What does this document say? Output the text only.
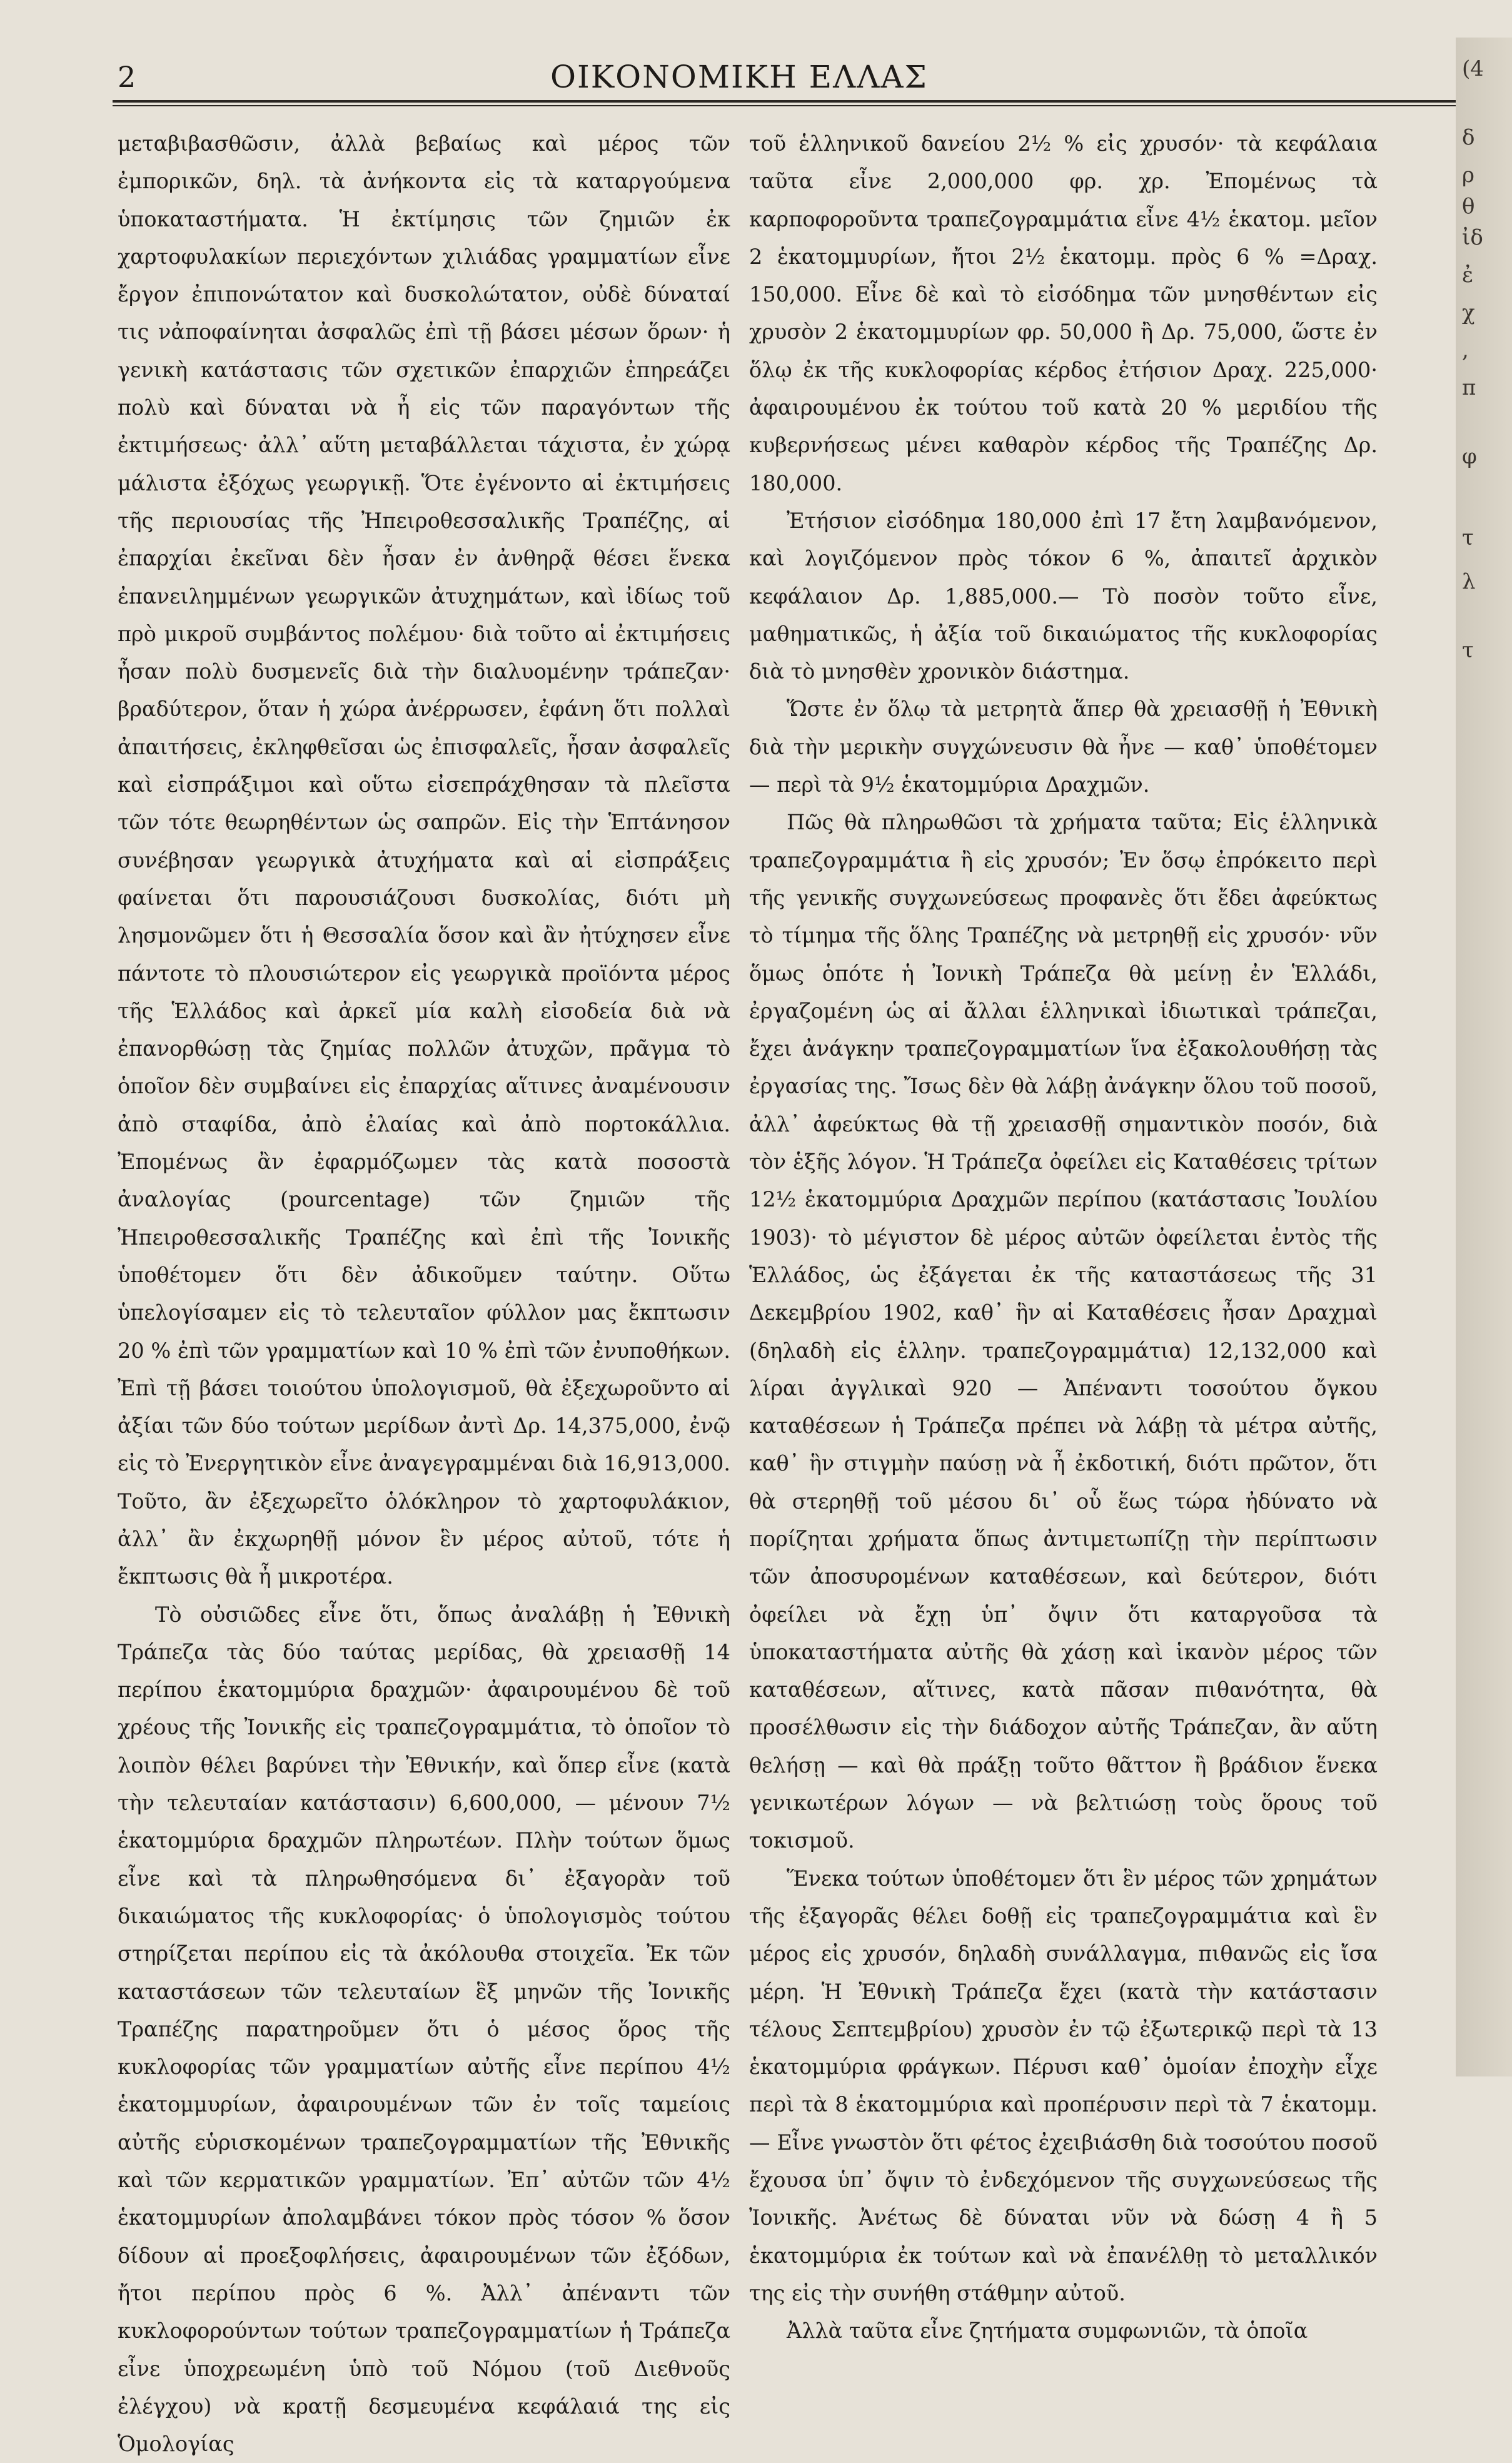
2	ΟΙΚΟΝΟΜΙΚΗ ΕΛΛΑΣ

μεταβιβασθῶσιν, ἀλλὰ βεβαίως καὶ μέρος τῶν ἐμπορικῶν, δηλ. τὰ ἀνήκοντα εἰς τὰ καταργούμενα ὑποκαταστήματα. Ἡ ἐκτίμησις τῶν ζημιῶν ἐκ χαρτοφυλακίων περιεχόντων χιλιάδας γραμματίων εἶνε ἔργον ἐπιπονώτατον καὶ δυσκολώτατον, οὐδὲ δύναταί τις νἀποφαίνηται ἀσφαλῶς ἐπὶ τῇ βάσει μέσων ὅρων· ἡ γενικὴ κατάστασις τῶν σχετικῶν ἐπαρχιῶν ἐπηρεάζει πολὺ καὶ δύναται νὰ ἦ εἰς τῶν παραγόντων τῆς ἐκτιμήσεως· ἀλλ᾽ αὕτη μεταβάλλεται τάχιστα, ἐν χώρᾳ μάλιστα ἐξόχως γεωργικῇ. Ὅτε ἐγένοντο αἱ ἐκτιμήσεις τῆς περιουσίας τῆς Ἠπειροθεσσαλικῆς Τραπέζης, αἱ ἐπαρχίαι ἐκεῖναι δὲν ἦσαν ἐν ἀνθηρᾷ θέσει ἕνεκα ἐπανειλημμένων γεωργικῶν ἀτυχημάτων, καὶ ἰδίως τοῦ πρὸ μικροῦ συμβάντος πολέμου· διὰ τοῦτο αἱ ἐκτιμήσεις ἦσαν πολὺ δυσμενεῖς διὰ τὴν διαλυομένην τράπεζαν· βραδύτερον, ὅταν ἡ χώρα ἀνέρρωσεν, ἐφάνη ὅτι πολλαὶ ἀπαιτήσεις, ἐκληφθεῖσαι ὡς ἐπισφαλεῖς, ἦσαν ἀσφαλεῖς καὶ εἰσπράξιμοι καὶ οὕτω εἰσεπράχθησαν τὰ πλεῖστα τῶν τότε θεωρηθέντων ὡς σαπρῶν. Εἰς τὴν Ἑπτάνησον συνέβησαν γεωργικὰ ἀτυχήματα καὶ αἱ εἰσπράξεις φαίνεται ὅτι παρουσιάζουσι δυσκολίας, διότι μὴ λησμονῶμεν ὅτι ἡ Θεσσαλία ὅσον καὶ ἂν ἠτύχησεν εἶνε πάντοτε τὸ πλουσιώτερον εἰς γεωργικὰ προϊόντα μέρος τῆς Ἑλλάδος καὶ ἀρκεῖ μία καλὴ εἰσοδεία διὰ νὰ ἐπανορθώσῃ τὰς ζημίας πολλῶν ἀτυχῶν, πρᾶγμα τὸ ὁποῖον δὲν συμβαίνει εἰς ἐπαρχίας αἵτινες ἀναμένουσιν ἀπὸ σταφίδα, ἀπὸ ἐλαίας καὶ ἀπὸ πορτοκάλλια. Ἐπομένως ἂν ἐφαρμόζωμεν τὰς κατὰ ποσοστὰ ἀναλογίας (pourcentage) τῶν ζημιῶν τῆς Ἠπειροθεσσαλικῆς Τραπέζης καὶ ἐπὶ τῆς Ἰονικῆς ὑποθέτομεν ὅτι δὲν ἀδικοῦμεν ταύτην. Οὕτω ὑπελογίσαμεν εἰς τὸ τελευταῖον φύλλον μας ἔκπτωσιν 20 % ἐπὶ τῶν γραμματίων καὶ 10 % ἐπὶ τῶν ἐνυποθήκων. Ἐπὶ τῇ βάσει τοιούτου ὑπολογισμοῦ, θὰ ἐξεχωροῦντο αἱ ἀξίαι τῶν δύο τούτων μερίδων ἀντὶ Δρ. 14,375,000, ἐνῷ εἰς τὸ Ἐνεργητικὸν εἶνε ἀναγεγραμμέναι διὰ 16,913,000. Τοῦτο, ἂν ἐξεχωρεῖτο ὁλόκληρον τὸ χαρτοφυλάκιον, ἀλλ᾽ ἂν ἐκχωρηθῇ μόνον ἓν μέρος αὐτοῦ, τότε ἡ ἔκπτωσις θὰ ἦ μικροτέρα.

Τὸ οὐσιῶδες εἶνε ὅτι, ὅπως ἀναλάβῃ ἡ Ἐθνικὴ Τράπεζα τὰς δύο ταύτας μερίδας, θὰ χρειασθῇ 14 περίπου ἑκατομμύρια δραχμῶν· ἀφαιρουμένου δὲ τοῦ χρέους τῆς Ἰονικῆς εἰς τραπεζογραμμάτια, τὸ ὁποῖον τὸ λοιπὸν θέλει βαρύνει τὴν Ἐθνικήν, καὶ ὅπερ εἶνε (κατὰ τὴν τελευταίαν κατάστασιν) 6,600,000, — μένουν 7½ ἑκατομμύρια δραχμῶν πληρωτέων. Πλὴν τούτων ὅμως εἶνε καὶ τὰ πληρωθησόμενα δι᾽ ἐξαγορὰν τοῦ δικαιώματος τῆς κυκλοφορίας· ὁ ὑπολογισμὸς τούτου στηρίζεται περίπου εἰς τὰ ἀκόλουθα στοιχεῖα. Ἐκ τῶν καταστάσεων τῶν τελευταίων ἓξ μηνῶν τῆς Ἰονικῆς Τραπέζης παρατηροῦμεν ὅτι ὁ μέσος ὅρος τῆς κυκλοφορίας τῶν γραμματίων αὐτῆς εἶνε περίπου 4½ ἑκατομμυρίων, ἀφαιρουμένων τῶν ἐν τοῖς ταμείοις αὐτῆς εὑρισκομένων τραπεζογραμματίων τῆς Ἐθνικῆς καὶ τῶν κερματικῶν γραμματίων. Ἐπ᾽ αὐτῶν τῶν 4½ ἑκατομμυρίων ἀπολαμβάνει τόκον πρὸς τόσον % ὅσον δίδουν αἱ προεξοφλήσεις, ἀφαιρουμένων τῶν ἐξόδων, ἤτοι περίπου πρὸς 6 %. Ἀλλ᾽ ἀπέναντι τῶν κυκλοφορούντων τούτων τραπεζογραμματίων ἡ Τράπεζα εἶνε ὑποχρεωμένη ὑπὸ τοῦ Νόμου (τοῦ Διεθνοῦς ἐλέγχου) νὰ κρατῇ δεσμευμένα κεφάλαιά της εἰς Ὁμολογίας

τοῦ ἑλληνικοῦ δανείου 2½ % εἰς χρυσόν· τὰ κεφάλαια ταῦτα εἶνε 2,000,000 φρ. χρ. Ἐπομένως τὰ καρποφοροῦντα τραπεζογραμμάτια εἶνε 4½ ἑκατομ. μεῖον 2 ἑκατομμυρίων, ἤτοι 2½ ἑκατομμ. πρὸς 6 % =Δραχ. 150,000. Εἶνε δὲ καὶ τὸ εἰσόδημα τῶν μνησθέντων εἰς χρυσὸν 2 ἑκατομμυρίων φρ. 50,000 ἢ Δρ. 75,000, ὥστε ἐν ὅλῳ ἐκ τῆς κυκλοφορίας κέρδος ἐτήσιον Δραχ. 225,000· ἀφαιρουμένου ἐκ τούτου τοῦ κατὰ 20 % μεριδίου τῆς κυβερνήσεως μένει καθαρὸν κέρδος τῆς Τραπέζης Δρ. 180,000.

Ἐτήσιον εἰσόδημα 180,000 ἐπὶ 17 ἔτη λαμβανόμενον, καὶ λογιζόμενον πρὸς τόκον 6 %, ἀπαιτεῖ ἀρχικὸν κεφάλαιον Δρ. 1,885,000.— Τὸ ποσὸν τοῦτο εἶνε, μαθηματικῶς, ἡ ἀξία τοῦ δικαιώματος τῆς κυκλοφορίας διὰ τὸ μνησθὲν χρονικὸν διάστημα.

Ὥστε ἐν ὅλῳ τὰ μετρητὰ ἅπερ θὰ χρειασθῇ ἡ Ἐθνικὴ διὰ τὴν μερικὴν συγχώνευσιν θὰ ἦνε — καθ᾽ ὑποθέτομεν — περὶ τὰ 9½ ἑκατομμύρια Δραχμῶν.

Πῶς θὰ πληρωθῶσι τὰ χρήματα ταῦτα; Εἰς ἑλληνικὰ τραπεζογραμμάτια ἢ εἰς χρυσόν; Ἐν ὅσῳ ἐπρόκειτο περὶ τῆς γενικῆς συγχωνεύσεως προφανὲς ὅτι ἔδει ἀφεύκτως τὸ τίμημα τῆς ὅλης Τραπέζης νὰ μετρηθῇ εἰς χρυσόν· νῦν ὅμως ὁπότε ἡ Ἰονικὴ Τράπεζα θὰ μείνῃ ἐν Ἑλλάδι, ἐργαζομένη ὡς αἱ ἄλλαι ἑλληνικαὶ ἰδιωτικαὶ τράπεζαι, ἔχει ἀνάγκην τραπεζογραμματίων ἵνα ἐξακολουθήσῃ τὰς ἐργασίας της. Ἴσως δὲν θὰ λάβῃ ἀνάγκην ὅλου τοῦ ποσοῦ, ἀλλ᾽ ἀφεύκτως θὰ τῇ χρειασθῇ σημαντικὸν ποσόν, διὰ τὸν ἑξῆς λόγον. Ἡ Τράπεζα ὀφείλει εἰς Καταθέσεις τρίτων 12½ ἑκατομμύρια Δραχμῶν περίπου (κατάστασις Ἰουλίου 1903)· τὸ μέγιστον δὲ μέρος αὐτῶν ὀφείλεται ἐντὸς τῆς Ἑλλάδος, ὡς ἐξάγεται ἐκ τῆς καταστάσεως τῆς 31 Δεκεμβρίου 1902, καθ᾽ ἣν αἱ Καταθέσεις ἦσαν Δραχμαὶ (δηλαδὴ εἰς ἑλλην. τραπεζογραμμάτια) 12,132,000 καὶ λίραι ἀγγλικαὶ 920 — Ἀπέναντι τοσούτου ὄγκου καταθέσεων ἡ Τράπεζα πρέπει νὰ λάβῃ τὰ μέτρα αὐτῆς, καθ᾽ ἣν στιγμὴν παύσῃ νὰ ἦ ἐκδοτική, διότι πρῶτον, ὅτι θὰ στερηθῇ τοῦ μέσου δι᾽ οὗ ἕως τώρα ἠδύνατο νὰ πορίζηται χρήματα ὅπως ἀντιμετωπίζῃ τὴν περίπτωσιν τῶν ἀποσυρομένων καταθέσεων, καὶ δεύτερον, διότι ὀφείλει νὰ ἔχῃ ὑπ᾽ ὄψιν ὅτι καταργοῦσα τὰ ὑποκαταστήματα αὐτῆς θὰ χάσῃ καὶ ἱκανὸν μέρος τῶν καταθέσεων, αἵτινες, κατὰ πᾶσαν πιθανότητα, θὰ προσέλθωσιν εἰς τὴν διάδοχον αὐτῆς Τράπεζαν, ἂν αὕτη θελήσῃ — καὶ θὰ πράξῃ τοῦτο θᾶττον ἢ βράδιον ἕνεκα γενικωτέρων λόγων — νὰ βελτιώσῃ τοὺς ὅρους τοῦ τοκισμοῦ.

Ἕνεκα τούτων ὑποθέτομεν ὅτι ἓν μέρος τῶν χρημάτων τῆς ἐξαγορᾶς θέλει δοθῇ εἰς τραπεζογραμμάτια καὶ ἓν μέρος εἰς χρυσόν, δηλαδὴ συνάλλαγμα, πιθανῶς εἰς ἴσα μέρη. Ἡ Ἐθνικὴ Τράπεζα ἔχει (κατὰ τὴν κατάστασιν τέλους Σεπτεμβρίου) χρυσὸν ἐν τῷ ἐξωτερικῷ περὶ τὰ 13 ἑκατομμύρια φράγκων. Πέρυσι καθ᾽ ὁμοίαν ἐποχὴν εἶχε περὶ τὰ 8 ἑκατομμύρια καὶ προπέρυσιν περὶ τὰ 7 ἑκατομμ. — Εἶνε γνωστὸν ὅτι φέτος ἐχειβιάσθη διὰ τοσούτου ποσοῦ ἔχουσα ὑπ᾽ ὄψιν τὸ ἐνδεχόμενον τῆς συγχωνεύσεως τῆς Ἰονικῆς. Ἀνέτως δὲ δύναται νῦν νὰ δώσῃ 4 ἢ 5 ἑκατομμύρια ἐκ τούτων καὶ νὰ ἐπανέλθῃ τὸ μεταλλικόν της εἰς τὴν συνήθη στάθμην αὐτοῦ.

Ἀλλὰ ταῦτα εἶνε ζητήματα συμφωνιῶν, τὰ ὁποῖα

(4
δ
ρ
θ
ἰδ
ἐ
χ
,
π
φ
τ
λ
τ
